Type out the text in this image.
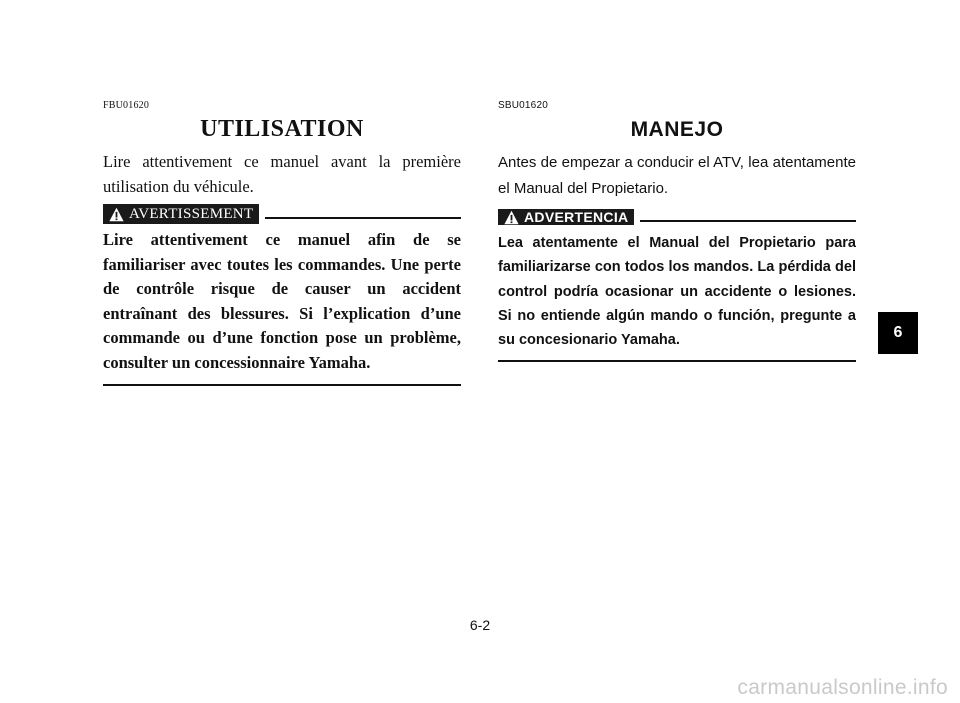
FBU01620

UTILISATION

Lire attentivement ce manuel avant la première utilisation du véhicule.

AVERTISSEMENT

Lire attentivement ce manuel afin de se familiariser avec toutes les commandes. Une perte de contrôle risque de causer un accident entraînant des blessures. Si l’explication d’une commande ou d’une fonction pose un problème, consulter un concessionnaire Yamaha.

SBU01620

MANEJO

Antes de empezar a conducir el ATV, lea atentamente el Manual del Propietario.

ADVERTENCIA

Lea atentamente el Manual del Propietario para familiarizarse con todos los mandos. La pérdida del control podría ocasionar un accidente o lesiones. Si no entiende algún mando o función, pregunte a su concesionario Yamaha.

6-2
6
carmanualsonline.info
